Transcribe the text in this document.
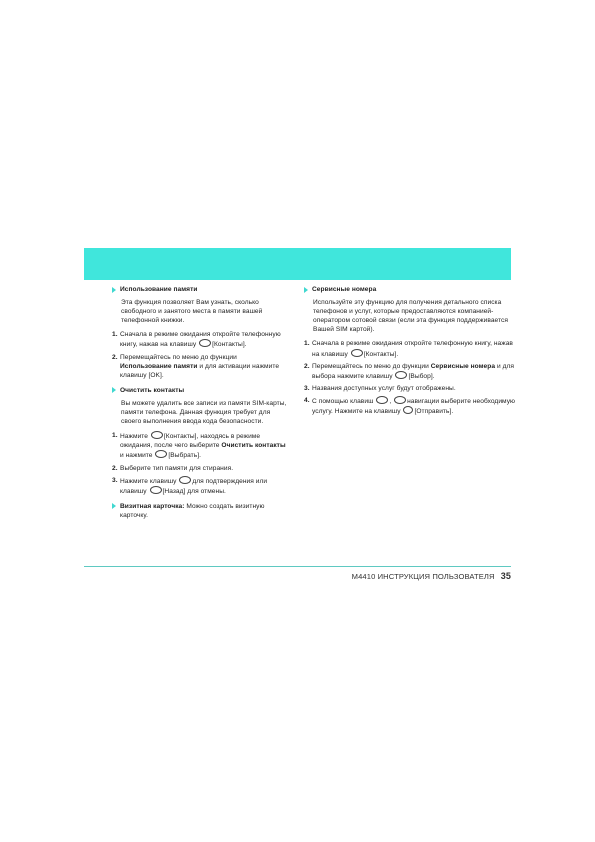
Использование памяти
Эта функция позволяет Вам узнать, сколько свободного и занятого места в памяти вашей телефонной книжки.
1. Сначала в режиме ожидания откройте телефонную книгу, нажав на клавишу [Контакты].
2. Перемещайтесь по меню до функции Использование памяти и для активации нажмите клавишу [OK].
Очистить контакты
Вы можете удалить все записи из памяти SIM-карты, памяти телефона. Данная функция требует для своего выполнения ввода кода безопасности.
1. Нажмите [Контакты], находясь в режиме ожидания, после чего выберите Очистить контакты и нажмите [Выбрать].
2. Выберите тип памяти для стирания.
3. Нажмите клавишу для подтверждения или клавишу [Назад] для отмены.
Визитная карточка: Можно создать визитную карточку.
Сервисные номера
Используйте эту функцию для получения детального списка телефонов и услуг, которые предоставляются компанией- оператором сотовой связи (если эта функция поддерживается Вашей SIM картой).
1. Сначала в режиме ожидания откройте телефонную книгу, нажав на клавишу [Контакты].
2. Перемещайтесь по меню до функции Сервисные номера и для выбора нажмите клавишу [Выбор].
3. Названия доступных услуг будут отображены.
4. С помощью клавиш , навигации выберите необходимую услугу. Нажмите на клавишу [Отправить].
M4410 ИНСТРУКЦИЯ ПОЛЬЗОВАТЕЛЯ 35
